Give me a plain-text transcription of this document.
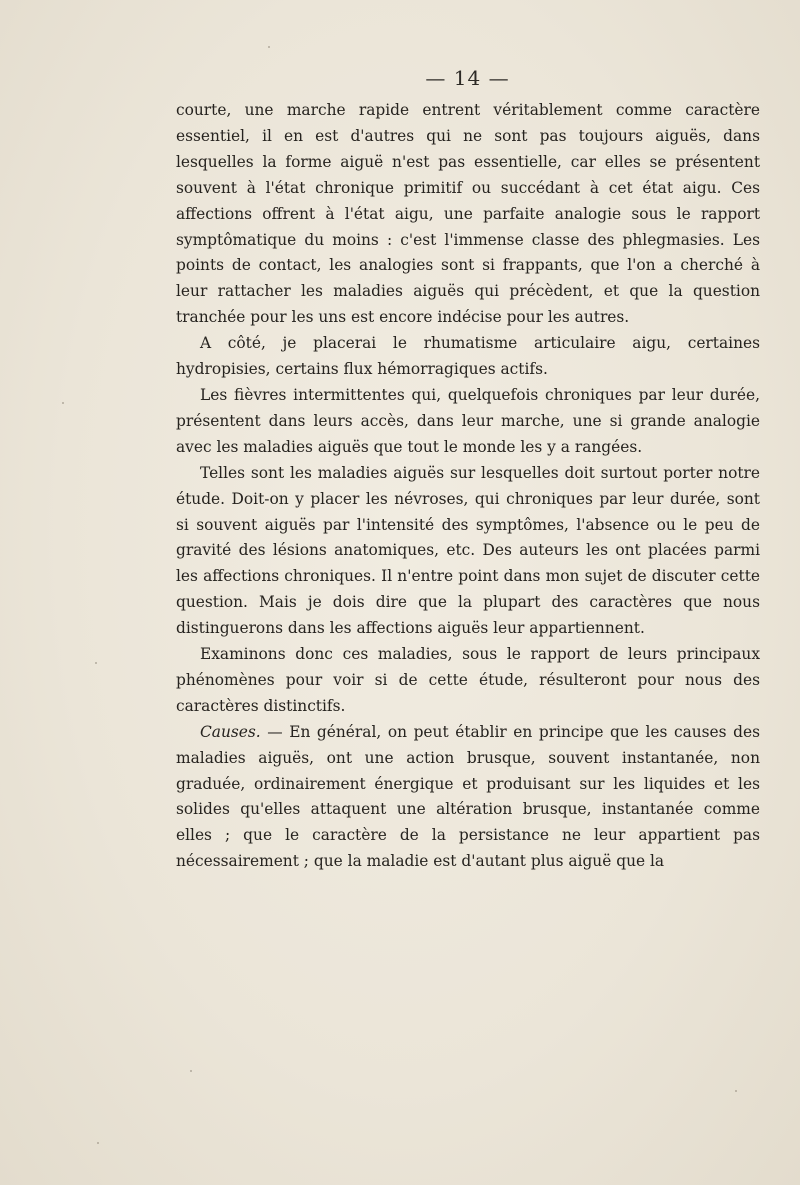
— 14 —

courte, une marche rapide entrent véritablement comme caractère essentiel, il en est d'autres qui ne sont pas toujours aiguës, dans lesquelles la forme aiguë n'est pas essentielle, car elles se présentent souvent à l'état chronique primitif ou succédant à cet état aigu. Ces affections offrent à l'état aigu, une parfaite analogie sous le rapport symptômatique du moins : c'est l'immense classe des phlegmasies. Les points de contact, les analogies sont si frappants, que l'on a cherché à leur rattacher les maladies aiguës qui précèdent, et que la question tranchée pour les uns est encore indécise pour les autres.

A côté, je placerai le rhumatisme articulaire aigu, certaines hydropisies, certains flux hémorragiques actifs.

Les fièvres intermittentes qui, quelquefois chroniques par leur durée, présentent dans leurs accès, dans leur marche, une si grande analogie avec les maladies aiguës que tout le monde les y a rangées.

Telles sont les maladies aiguës sur lesquelles doit surtout porter notre étude. Doit-on y placer les névroses, qui chroniques par leur durée, sont si souvent aiguës par l'intensité des symptômes, l'absence ou le peu de gravité des lésions anatomiques, etc. Des auteurs les ont placées parmi les affections chroniques. Il n'entre point dans mon sujet de discuter cette question. Mais je dois dire que la plupart des caractères que nous distinguerons dans les affections aiguës leur appartiennent.

Examinons donc ces maladies, sous le rapport de leurs principaux phénomènes pour voir si de cette étude, résulteront pour nous des caractères distinctifs.

Causes. — En général, on peut établir en principe que les causes des maladies aiguës, ont une action brusque, souvent instantanée, non graduée, ordinairement énergique et produisant sur les liquides et les solides qu'elles attaquent une altération brusque, instantanée comme elles ; que le caractère de la persistance ne leur appartient pas nécessairement ; que la maladie est d'autant plus aiguë que la
